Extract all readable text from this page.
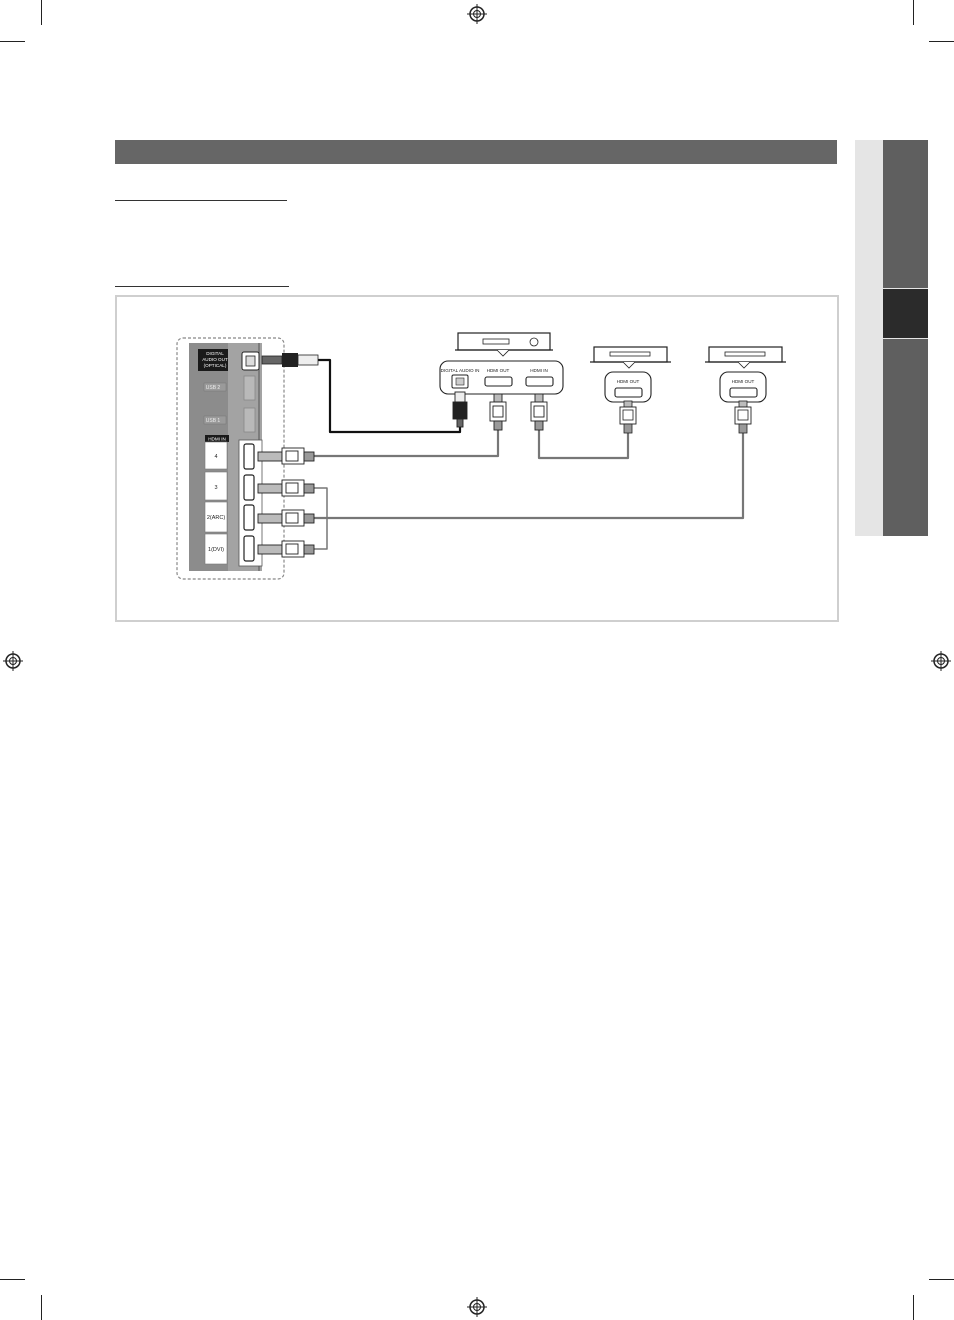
DIGITAL
AUDIO OUT
(OPTICAL)
USB 2
USB 1
HDMI IN
4
3
2(ARC)
1(DVI)
DIGITAL AUDIO IN HDMI OUT	HDMI IN
HDMI OUT	HDMI OUT
